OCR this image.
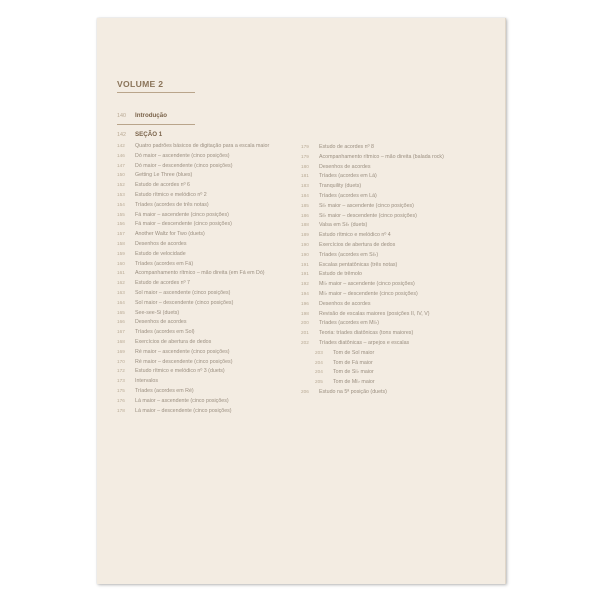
VOLUME 2
140 Introdução
142 SEÇÃO 1
142 Quatro padrões básicos de digitação para a escala maior
146 Dó maior – ascendente (cinco posições)
147 Dó maior – descendente (cinco posições)
150 Getting Le Three (blues)
152 Estudo de acordes nº 6
153 Estudo rítmico e melódico nº 2
154 Tríades (acordes de três notas)
155 Fá maior – ascendente (cinco posições)
156 Fá maior – descendente (cinco posições)
157 Another Waltz for Two (duets)
158 Desenhos de acordes
159 Estudo de velocidade
160 Tríades (acordes em Fá)
161 Acompanhamento rítmico – mão direita (em Fá em Dó)
162 Estudo de acordes nº 7
163 Sol maior – ascendente (cinco posições)
164 Sol maior – descendente (cinco posições)
165 See-see-Si (duets)
166 Desenhos de acordes
167 Tríades (acordes em Sol)
168 Exercícios de abertura de dedos
169 Ré maior – ascendente (cinco posições)
170 Ré maior – descendente (cinco posições)
172 Estudo rítmico e melódico nº 3 (duets)
173 Intervalos
175 Tríades (acordes em Ré)
176 Lá maior – ascendente (cinco posições)
178 Lá maior – descendente (cinco posições)
179 Estudo de acordes nº 8
179 Acompanhamento rítmico – mão direita (balada rock)
180 Desenhos de acordes
181 Tríades (acordes em Lá)
183 Tranquility (duets)
184 Tríades (acordes em Lá)
185 Si♭ maior – ascendente (cinco posições)
186 Si♭ maior – descendente (cinco posições)
188 Valsa em Si♭ (duets)
189 Estudo rítmico e melódico nº 4
190 Exercícios de abertura de dedos
190 Tríades (acordes em Si♭)
191 Escalas pentatônicas (três notas)
191 Estudo de trêmolo
192 Mi♭ maior – ascendente (cinco posições)
194 Mi♭ maior – descendente (cinco posições)
196 Desenhos de acordes
198 Revisão de escalas maiores (posições II, IV, V)
200 Tríades (acordes em Mi♭)
201 Teoria: tríades diatônicas (tons maiores)
202 Tríades diatônicas – arpejos e escalas
203 Tom de Sol maior
204 Tom de Fá maior
204 Tom de Si♭ maior
205 Tom de Mi♭ maior
206 Estudo na 5ª posição (duets)
